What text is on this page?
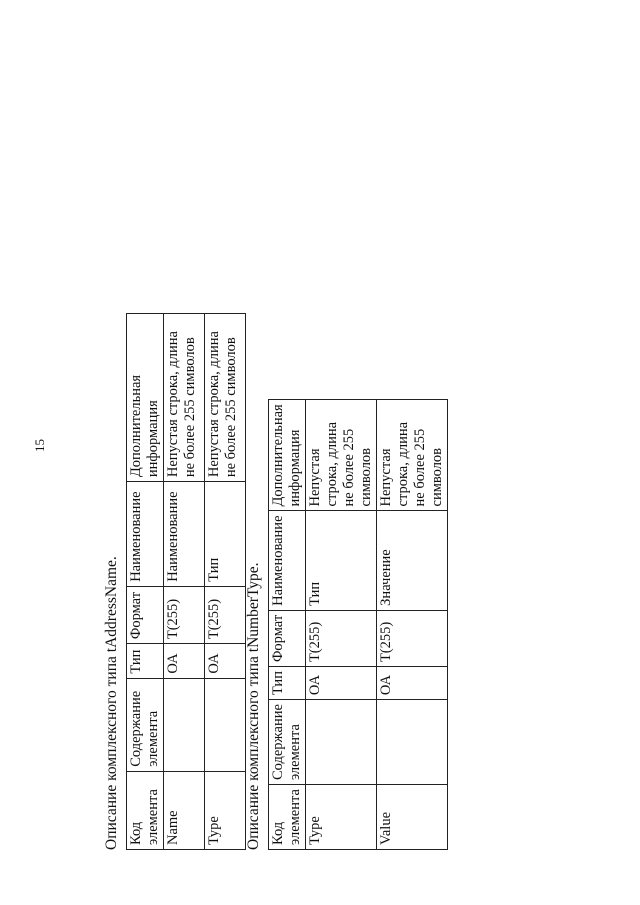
15

Описание комплексного типа tAddressName. Код элемента	Содержание элемента	Тип	Формат	Наименование	Дополнительная информация
Name		ОА	T(255)	Наименование	Непустая строка, длина не более 255 символов
Type		ОА	T(255)	Тип	Непустая строка, длина не более 255 символов

Описание комплексного типа tNumberType. Код элемента	Содержание элемента	Тип	Формат	Наименование	Дополнительная информация
Type		ОА	T(255)	Тип	Непустая строка, длина не более 255 символов
Value		ОА	T(255)	Значение	Непустая строка, длина не более 255 символов
